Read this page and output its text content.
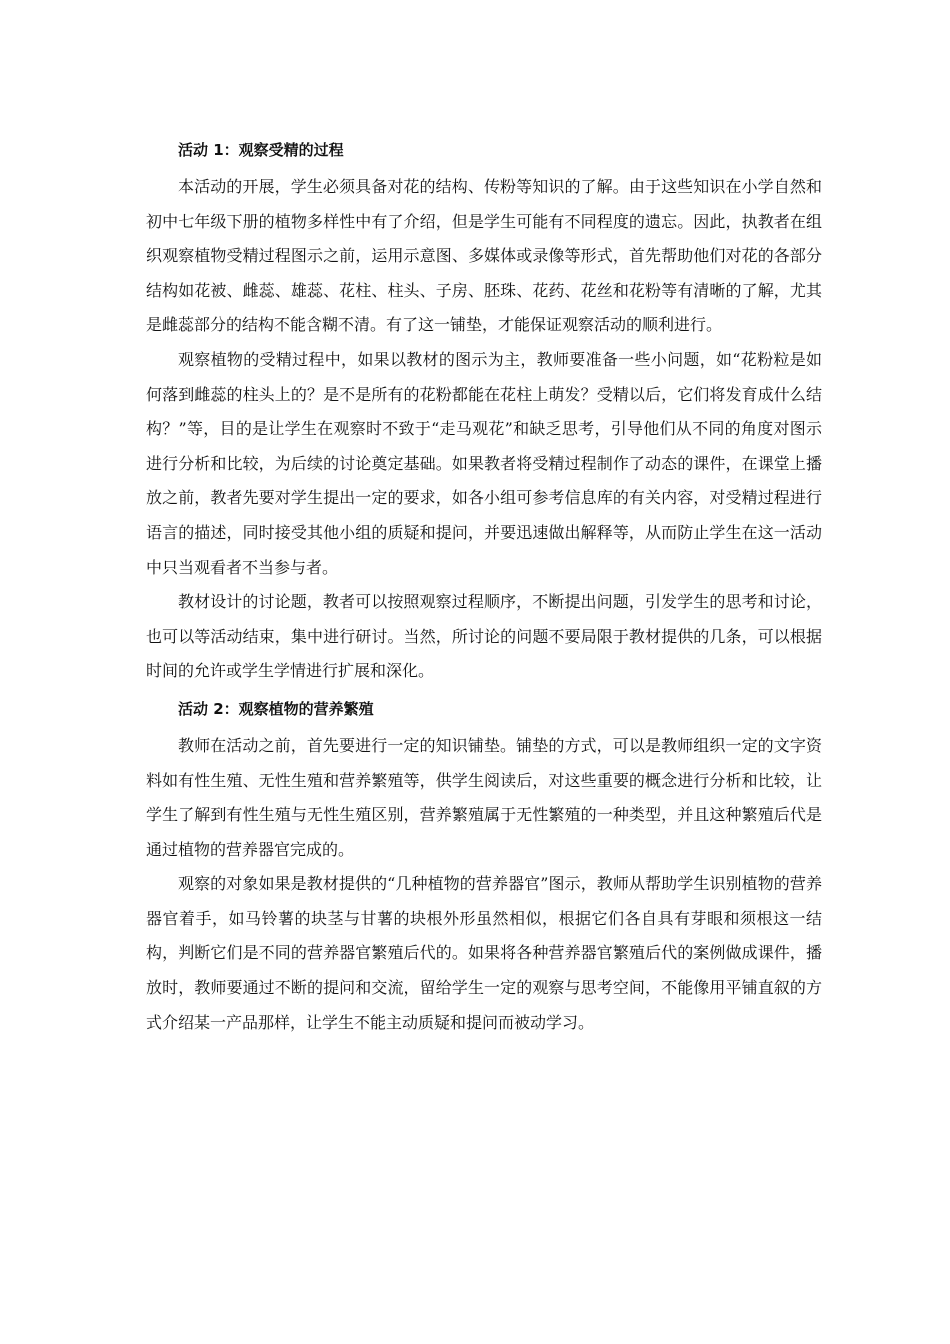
活动 1：观察受精的过程

本活动的开展，学生必须具备对花的结构、传粉等知识的了解。由于这些知识在小学自然和初中七年级下册的植物多样性中有了介绍，但是学生可能有不同程度的遗忘。因此，执教者在组织观察植物受精过程图示之前，运用示意图、多媒体或录像等形式，首先帮助他们对花的各部分结构如花被、雌蕊、雄蕊、花柱、柱头、子房、胚珠、花药、花丝和花粉等有清晰的了解，尤其是雌蕊部分的结构不能含糊不清。有了这一铺垫，才能保证观察活动的顺利进行。

观察植物的受精过程中，如果以教材的图示为主，教师要准备一些小问题，如“花粉粒是如何落到雌蕊的柱头上的？是不是所有的花粉都能在花柱上萌发？受精以后，它们将发育成什么结构？”等，目的是让学生在观察时不致于“走马观花”和缺乏思考，引导他们从不同的角度对图示进行分析和比较，为后续的讨论奠定基础。如果教者将受精过程制作了动态的课件，在课堂上播放之前，教者先要对学生提出一定的要求，如各小组可参考信息库的有关内容，对受精过程进行语言的描述，同时接受其他小组的质疑和提问，并要迅速做出解释等，从而防止学生在这一活动中只当观看者不当参与者。

教材设计的讨论题，教者可以按照观察过程顺序，不断提出问题，引发学生的思考和讨论，也可以等活动结束，集中进行研讨。当然，所讨论的问题不要局限于教材提供的几条，可以根据时间的允许或学生学情进行扩展和深化。

活动 2：观察植物的营养繁殖

教师在活动之前，首先要进行一定的知识铺垫。铺垫的方式，可以是教师组织一定的文字资料如有性生殖、无性生殖和营养繁殖等，供学生阅读后，对这些重要的概念进行分析和比较，让学生了解到有性生殖与无性生殖区别，营养繁殖属于无性繁殖的一种类型，并且这种繁殖后代是通过植物的营养器官完成的。

观察的对象如果是教材提供的“几种植物的营养器官”图示，教师从帮助学生识别植物的营养器官着手，如马铃薯的块茎与甘薯的块根外形虽然相似，根据它们各自具有芽眼和须根这一结构，判断它们是不同的营养器官繁殖后代的。如果将各种营养器官繁殖后代的案例做成课件，播放时，教师要通过不断的提问和交流，留给学生一定的观察与思考空间，不能像用平铺直叙的方式介绍某一产品那样，让学生不能主动质疑和提问而被动学习。
